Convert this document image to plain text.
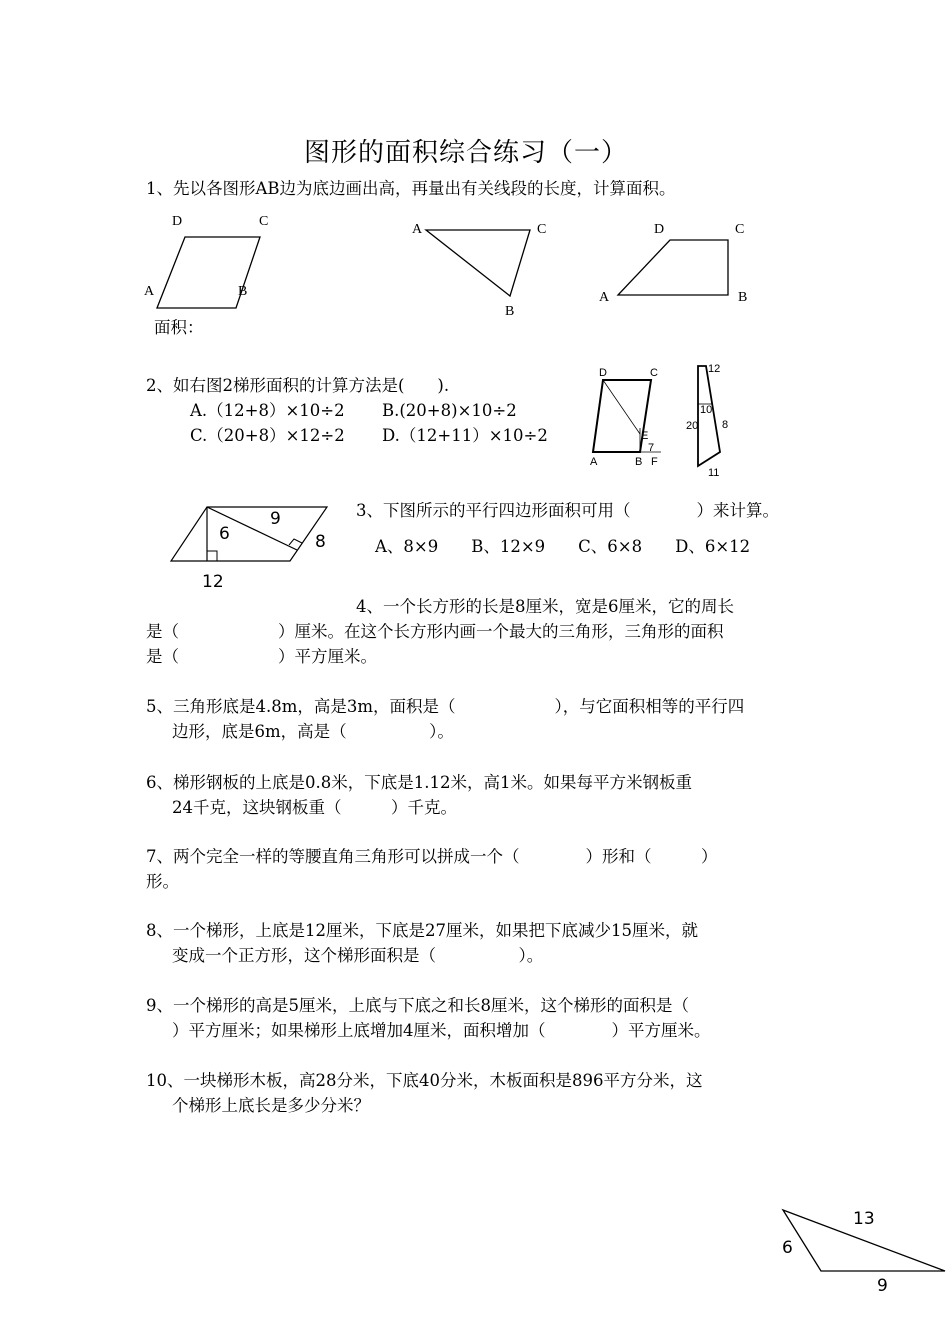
图形的面积综合练习（一）
1、先以各图形AB边为底边画出高，再量出有关线段的长度，计算面积。
D	C
A	B
面积：
A	C
B
D	C
A	B
2、如右图2梯形面积的计算方法是(　　).
A.（12+8）×10÷2 B.(20+8)×10÷2
C.（20+8）×12÷2 D.（12+11）×10÷2
D	C
A	B
E
F
7
12
10
20 8
11
6
9
8
12
3、下图所示的平行四边形面积可用（　　　　）来计算。
A、8×9　　B、12×9　　C、6×8　　D、6×12
4、一个长方形的长是8厘米，宽是6厘米，它的周长
是（　　　　　　）厘米。在这个长方形内画一个最大的三角形，三角形的面积
是（　　　　　　）平方厘米。
5、三角形底是4.8m，高是3m，面积是（　　　　　　），与它面积相等的平行四
边形，底是6m，高是（　　　　　）。
6、梯形钢板的上底是0.8米，下底是1.12米，高1米。如果每平方米钢板重
24千克，这块钢板重（　　　）千克。
7、两个完全一样的等腰直角三角形可以拼成一个（　　　　）形和（　　　）
形。
8、一个梯形，上底是12厘米，下底是27厘米，如果把下底减少15厘米，就
变成一个正方形，这个梯形面积是（　　　　　）。
9、一个梯形的高是5厘米，上底与下底之和长8厘米，这个梯形的面积是（
）平方厘米；如果梯形上底增加4厘米，面积增加（　　　　）平方厘米。
10、一块梯形木板，高28分米，下底40分米，木板面积是896平方分米，这
个梯形上底长是多少分米？
13
6
9
